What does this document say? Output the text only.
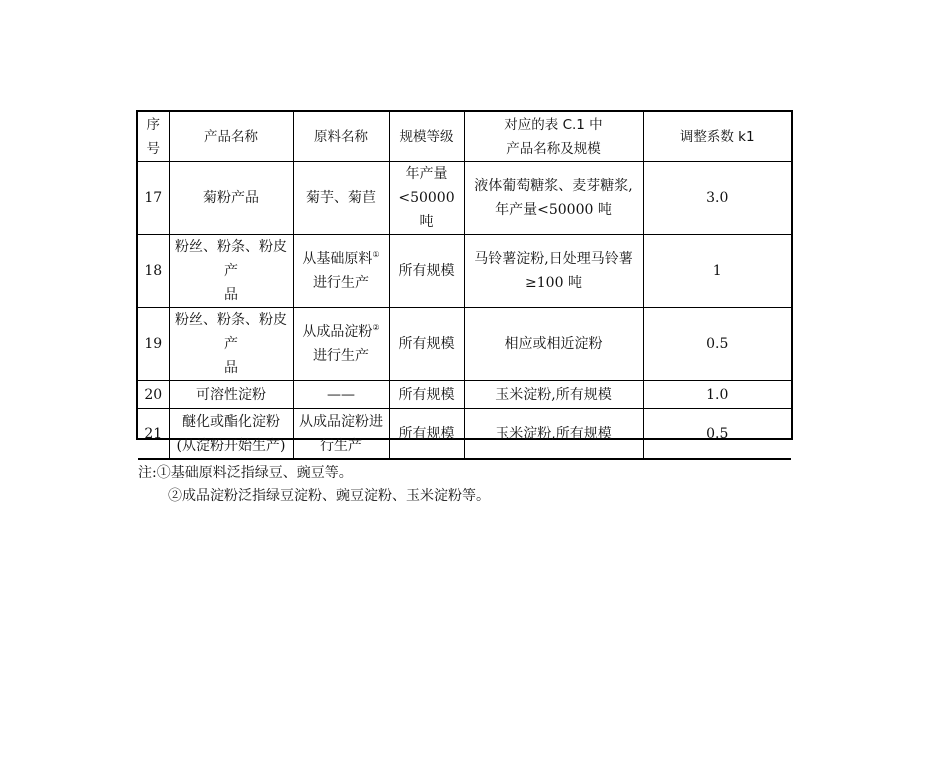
序号	产品名称	原料名称	规模等级	对应的表 C.1 中
产品名称及规模	调整系数 k1
17	菊粉产品	菊芋、菊苣	年产量
<50000 吨	液体葡萄糖浆、麦芽糖浆,
年产量<50000 吨	3.0
18	粉丝、粉条、粉皮产
品	从基础原料①
进行生产	所有规模	马铃薯淀粉,日处理马铃薯
≥100 吨	1
19	粉丝、粉条、粉皮产
品	从成品淀粉②
进行生产	所有规模	相应或相近淀粉	0.5
20	可溶性淀粉	——	所有规模	玉米淀粉,所有规模	1.0
21	醚化或酯化淀粉
(从淀粉开始生产)	从成品淀粉进
行生产	所有规模	玉米淀粉,所有规模	0.5
注:①基础原料泛指绿豆、豌豆等。
②成品淀粉泛指绿豆淀粉、豌豆淀粉、玉米淀粉等。
